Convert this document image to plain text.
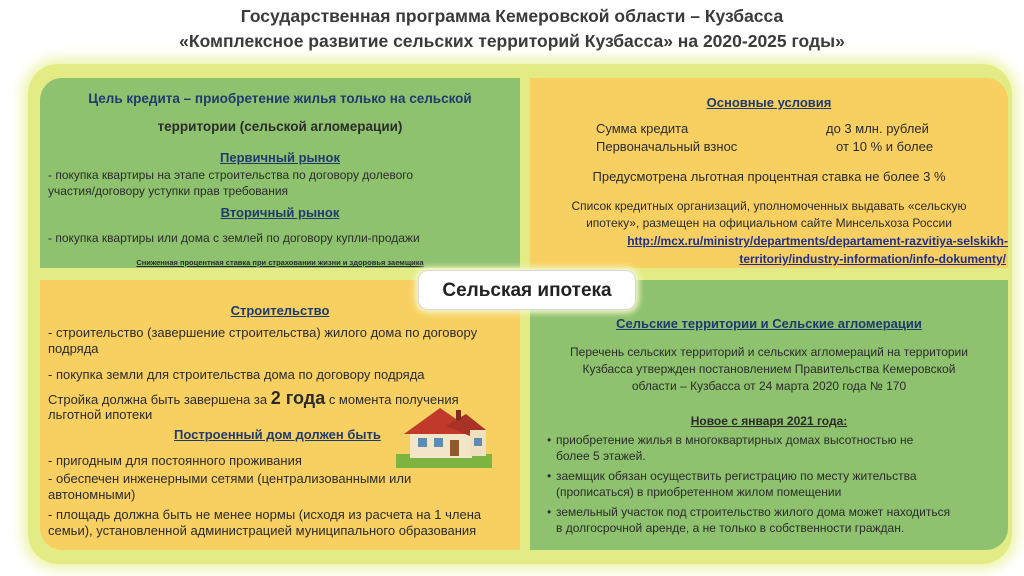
Государственная программа Кемеровской области – Кузбасса
«Комплексное развитие сельских территорий Кузбасса» на 2020-2025 годы»
Цель кредита – приобретение жилья только на сельской
территории (сельской агломерации)
Первичный рынок
- покупка квартиры на этапе строительства по договору долевого
участия/договору уступки прав требования
Вторичный рынок
- покупка квартиры или дома с землей по договору купли-продажи
Сниженная процентная ставка при страховании жизни и здоровья заемщика
Основные условия
Сумма кредита	до 3 млн. рублей
Первоначальный взнос	от 10 % и более
Предусмотрена льготная процентная ставка не более 3 %
Список кредитных организаций, уполномоченных выдавать «сельскую
ипотеку», размещен на официальном сайте Минсельхоза России
http://mcx.ru/ministry/departments/departament-razvitiya-selskikh-
territoriy/industry-information/info-dokumenty/
Строительство
- строительство (завершение строительства) жилого дома по договору
подряда
- покупка земли для строительства дома по договору подряда
Стройка должна быть завершена за 2 года с момента получения
льготной ипотеки
Построенный дом должен быть
- пригодным для постоянного проживания
- обеспечен инженерными сетями (централизованными или
автономными)
- площадь должна быть не менее нормы (исходя из расчета на 1 члена
семьи), установленной администрацией муниципального образования
Сельские территории и Сельские агломерации
Перечень сельских территорий и сельских агломераций на территории
Кузбасса утвержден постановлением Правительства Кемеровской
области – Кузбасса от 24 марта 2020 года № 170
Новое с января 2021 года:
• приобретение жилья в многоквартирных домах высотностью не
более 5 этажей.
• заемщик обязан осуществить регистрацию по месту жительства
(прописаться) в приобретенном жилом помещении
• земельный участок под строительство жилого дома может находиться
в долгосрочной аренде, а не только в собственности граждан.
Сельская ипотека
